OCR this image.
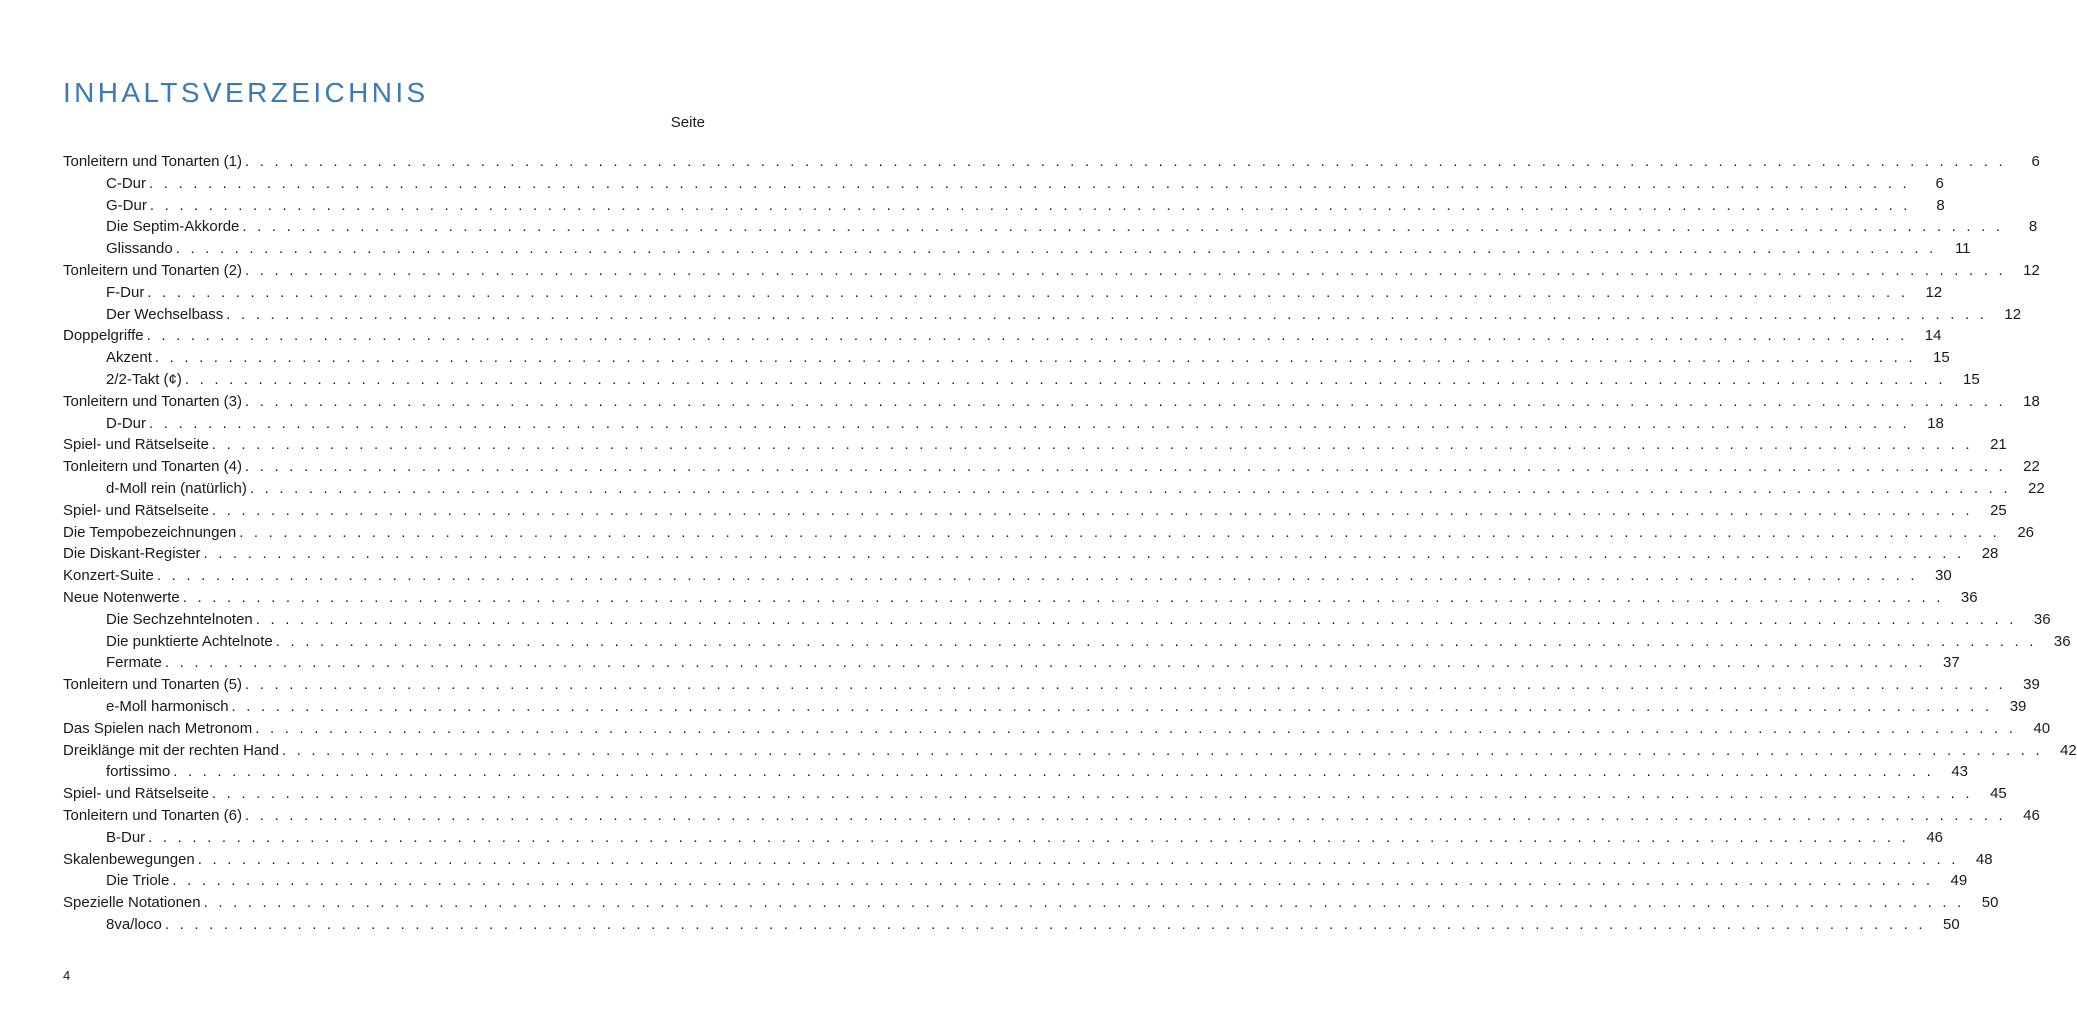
INHALTSVERZEICHNIS
Seite
Tonleitern und Tonarten (1) . . . . . . . . . . . . . . . . . . . . . . . . . . . . . . . . . . . . . . . . . . . . . . . . . . . . . . . . . . . . . . . . . . . . . . . . . . . . . . . . . . . . . . . . . . . . . . . . . . . . . . . . . . . . . . . . . . . . . . . .	6
C-Dur . . . . . . . . . . . . . . . . . . . . . . . . . . . . . . . . . . . . . . . . . . . . . . . . . . . . . . . . . . . . . . . . . . . . . . . . . . . . . . . . . . . . . . . . . . . . . . . . . . . . . . . . . . . . . . . . . . . . . . . .	6
G-Dur . . . . . . . . . . . . . . . . . . . . . . . . . . . . . . . . . . . . . . . . . . . . . . . . . . . . . . . . . . . . . . . . . . . . . . . . . . . . . . . . . . . . . . . . . . . . . . . . . . . . . . . . . . . . . . . . . . . . . . . .	8
Die Septim-Akkorde . . . . . . . . . . . . . . . . . . . . . . . . . . . . . . . . . . . . . . . . . . . . . . . . . . . . . . . . . . . . . . . . . . . . . . . . . . . . . . . . . . . . . . . . . . . . . . . . . . . . . . . . . . . . . . . . . . . . . . . .	8
Glissando . . . . . . . . . . . . . . . . . . . . . . . . . . . . . . . . . . . . . . . . . . . . . . . . . . . . . . . . . . . . . . . . . . . . . . . . . . . . . . . . . . . . . . . . . . . . . . . . . . . . . . . . . . . . . . . . . . . . . . . .	11
Tonleitern und Tonarten (2) . . . . . . . . . . . . . . . . . . . . . . . . . . . . . . . . . . . . . . . . . . . . . . . . . . . . . . . . . . . . . . . . . . . . . . . . . . . . . . . . . . . . . . . . . . . . . . . . . . . . . . . . . . . . . . . . . . . . . . . .	12
F-Dur . . . . . . . . . . . . . . . . . . . . . . . . . . . . . . . . . . . . . . . . . . . . . . . . . . . . . . . . . . . . . . . . . . . . . . . . . . . . . . . . . . . . . . . . . . . . . . . . . . . . . . . . . . . . . . . . . . . . . . . .	12
Der Wechselbass . . . . . . . . . . . . . . . . . . . . . . . . . . . . . . . . . . . . . . . . . . . . . . . . . . . . . . . . . . . . . . . . . . . . . . . . . . . . . . . . . . . . . . . . . . . . . . . . . . . . . . . . . . . . . . . . . . . . . . . .	12
Doppelgriffe . . . . . . . . . . . . . . . . . . . . . . . . . . . . . . . . . . . . . . . . . . . . . . . . . . . . . . . . . . . . . . . . . . . . . . . . . . . . . . . . . . . . . . . . . . . . . . . . . . . . . . . . . . . . . . . . . . . . . . . .	14
Akzent . . . . . . . . . . . . . . . . . . . . . . . . . . . . . . . . . . . . . . . . . . . . . . . . . . . . . . . . . . . . . . . . . . . . . . . . . . . . . . . . . . . . . . . . . . . . . . . . . . . . . . . . . . . . . . . . . . . . . . . .	15
2/2-Takt (¢) . . . . . . . . . . . . . . . . . . . . . . . . . . . . . . . . . . . . . . . . . . . . . . . . . . . . . . . . . . . . . . . . . . . . . . . . . . . . . . . . . . . . . . . . . . . . . . . . . . . . . . . . . . . . . . . . . . . . . . . .	15
Tonleitern und Tonarten (3) . . . . . . . . . . . . . . . . . . . . . . . . . . . . . . . . . . . . . . . . . . . . . . . . . . . . . . . . . . . . . . . . . . . . . . . . . . . . . . . . . . . . . . . . . . . . . . . . . . . . . . . . . . . . . . . . . . . . . . . .	18
D-Dur . . . . . . . . . . . . . . . . . . . . . . . . . . . . . . . . . . . . . . . . . . . . . . . . . . . . . . . . . . . . . . . . . . . . . . . . . . . . . . . . . . . . . . . . . . . . . . . . . . . . . . . . . . . . . . . . . . . . . . . .	18
Spiel- und Rätselseite . . . . . . . . . . . . . . . . . . . . . . . . . . . . . . . . . . . . . . . . . . . . . . . . . . . . . . . . . . . . . . . . . . . . . . . . . . . . . . . . . . . . . . . . . . . . . . . . . . . . . . . . . . . . . . . . . . . . . . . .	21
Tonleitern und Tonarten (4) . . . . . . . . . . . . . . . . . . . . . . . . . . . . . . . . . . . . . . . . . . . . . . . . . . . . . . . . . . . . . . . . . . . . . . . . . . . . . . . . . . . . . . . . . . . . . . . . . . . . . . . . . . . . . . . . . . . . . . . .	22
d-Moll rein (natürlich) . . . . . . . . . . . . . . . . . . . . . . . . . . . . . . . . . . . . . . . . . . . . . . . . . . . . . . . . . . . . . . . . . . . . . . . . . . . . . . . . . . . . . . . . . . . . . . . . . . . . . . . . . . . . . . . . . . . . . . . .	22
Spiel- und Rätselseite . . . . . . . . . . . . . . . . . . . . . . . . . . . . . . . . . . . . . . . . . . . . . . . . . . . . . . . . . . . . . . . . . . . . . . . . . . . . . . . . . . . . . . . . . . . . . . . . . . . . . . . . . . . . . . . . . . . . . . . .	25
Die Tempobezeichnungen . . . . . . . . . . . . . . . . . . . . . . . . . . . . . . . . . . . . . . . . . . . . . . . . . . . . . . . . . . . . . . . . . . . . . . . . . . . . . . . . . . . . . . . . . . . . . . . . . . . . . . . . . . . . . . . . . . . . . . . .	26
Die Diskant-Register . . . . . . . . . . . . . . . . . . . . . . . . . . . . . . . . . . . . . . . . . . . . . . . . . . . . . . . . . . . . . . . . . . . . . . . . . . . . . . . . . . . . . . . . . . . . . . . . . . . . . . . . . . . . . . . . . . . . . . . .	28
Konzert-Suite . . . . . . . . . . . . . . . . . . . . . . . . . . . . . . . . . . . . . . . . . . . . . . . . . . . . . . . . . . . . . . . . . . . . . . . . . . . . . . . . . . . . . . . . . . . . . . . . . . . . . . . . . . . . . . . . . . . . . . . .	30
Neue Notenwerte . . . . . . . . . . . . . . . . . . . . . . . . . . . . . . . . . . . . . . . . . . . . . . . . . . . . . . . . . . . . . . . . . . . . . . . . . . . . . . . . . . . . . . . . . . . . . . . . . . . . . . . . . . . . . . . . . . . . . . . .	36
Die Sechzehntelnoten . . . . . . . . . . . . . . . . . . . . . . . . . . . . . . . . . . . . . . . . . . . . . . . . . . . . . . . . . . . . . . . . . . . . . . . . . . . . . . . . . . . . . . . . . . . . . . . . . . . . . . . . . . . . . . . . . . . . . . . .	36
Die punktierte Achtelnote . . . . . . . . . . . . . . . . . . . . . . . . . . . . . . . . . . . . . . . . . . . . . . . . . . . . . . . . . . . . . . . . . . . . . . . . . . . . . . . . . . . . . . . . . . . . . . . . . . . . . . . . . . . . . . . . . . . . . . . .	36
Fermate . . . . . . . . . . . . . . . . . . . . . . . . . . . . . . . . . . . . . . . . . . . . . . . . . . . . . . . . . . . . . . . . . . . . . . . . . . . . . . . . . . . . . . . . . . . . . . . . . . . . . . . . . . . . . . . . . . . . . . . .	37
Tonleitern und Tonarten (5) . . . . . . . . . . . . . . . . . . . . . . . . . . . . . . . . . . . . . . . . . . . . . . . . . . . . . . . . . . . . . . . . . . . . . . . . . . . . . . . . . . . . . . . . . . . . . . . . . . . . . . . . . . . . . . . . . . . . . . . .	39
e-Moll harmonisch . . . . . . . . . . . . . . . . . . . . . . . . . . . . . . . . . . . . . . . . . . . . . . . . . . . . . . . . . . . . . . . . . . . . . . . . . . . . . . . . . . . . . . . . . . . . . . . . . . . . . . . . . . . . . . . . . . . . . . . .	39
Das Spielen nach Metronom . . . . . . . . . . . . . . . . . . . . . . . . . . . . . . . . . . . . . . . . . . . . . . . . . . . . . . . . . . . . . . . . . . . . . . . . . . . . . . . . . . . . . . . . . . . . . . . . . . . . . . . . . . . . . . . . . . . . . . . .	40
Dreiklänge mit der rechten Hand . . . . . . . . . . . . . . . . . . . . . . . . . . . . . . . . . . . . . . . . . . . . . . . . . . . . . . . . . . . . . . . . . . . . . . . . . . . . . . . . . . . . . . . . . . . . . . . . . . . . . . . . . . . . . . . . . . . . . . . .	42
fortissimo . . . . . . . . . . . . . . . . . . . . . . . . . . . . . . . . . . . . . . . . . . . . . . . . . . . . . . . . . . . . . . . . . . . . . . . . . . . . . . . . . . . . . . . . . . . . . . . . . . . . . . . . . . . . . . . . . . . . . . . .	43
Spiel- und Rätselseite . . . . . . . . . . . . . . . . . . . . . . . . . . . . . . . . . . . . . . . . . . . . . . . . . . . . . . . . . . . . . . . . . . . . . . . . . . . . . . . . . . . . . . . . . . . . . . . . . . . . . . . . . . . . . . . . . . . . . . . .	45
Tonleitern und Tonarten (6) . . . . . . . . . . . . . . . . . . . . . . . . . . . . . . . . . . . . . . . . . . . . . . . . . . . . . . . . . . . . . . . . . . . . . . . . . . . . . . . . . . . . . . . . . . . . . . . . . . . . . . . . . . . . . . . . . . . . . . . .	46
B-Dur . . . . . . . . . . . . . . . . . . . . . . . . . . . . . . . . . . . . . . . . . . . . . . . . . . . . . . . . . . . . . . . . . . . . . . . . . . . . . . . . . . . . . . . . . . . . . . . . . . . . . . . . . . . . . . . . . . . . . . . .	46
Skalenbewegungen . . . . . . . . . . . . . . . . . . . . . . . . . . . . . . . . . . . . . . . . . . . . . . . . . . . . . . . . . . . . . . . . . . . . . . . . . . . . . . . . . . . . . . . . . . . . . . . . . . . . . . . . . . . . . . . . . . . . . . . .	48
Die Triole . . . . . . . . . . . . . . . . . . . . . . . . . . . . . . . . . . . . . . . . . . . . . . . . . . . . . . . . . . . . . . . . . . . . . . . . . . . . . . . . . . . . . . . . . . . . . . . . . . . . . . . . . . . . . . . . . . . . . . . .	49
Spezielle Notationen . . . . . . . . . . . . . . . . . . . . . . . . . . . . . . . . . . . . . . . . . . . . . . . . . . . . . . . . . . . . . . . . . . . . . . . . . . . . . . . . . . . . . . . . . . . . . . . . . . . . . . . . . . . . . . . . . . . . . . . .	50
8va/loco . . . . . . . . . . . . . . . . . . . . . . . . . . . . . . . . . . . . . . . . . . . . . . . . . . . . . . . . . . . . . . . . . . . . . . . . . . . . . . . . . . . . . . . . . . . . . . . . . . . . . . . . . . . . . . . . . . . . . . . .	50
4
